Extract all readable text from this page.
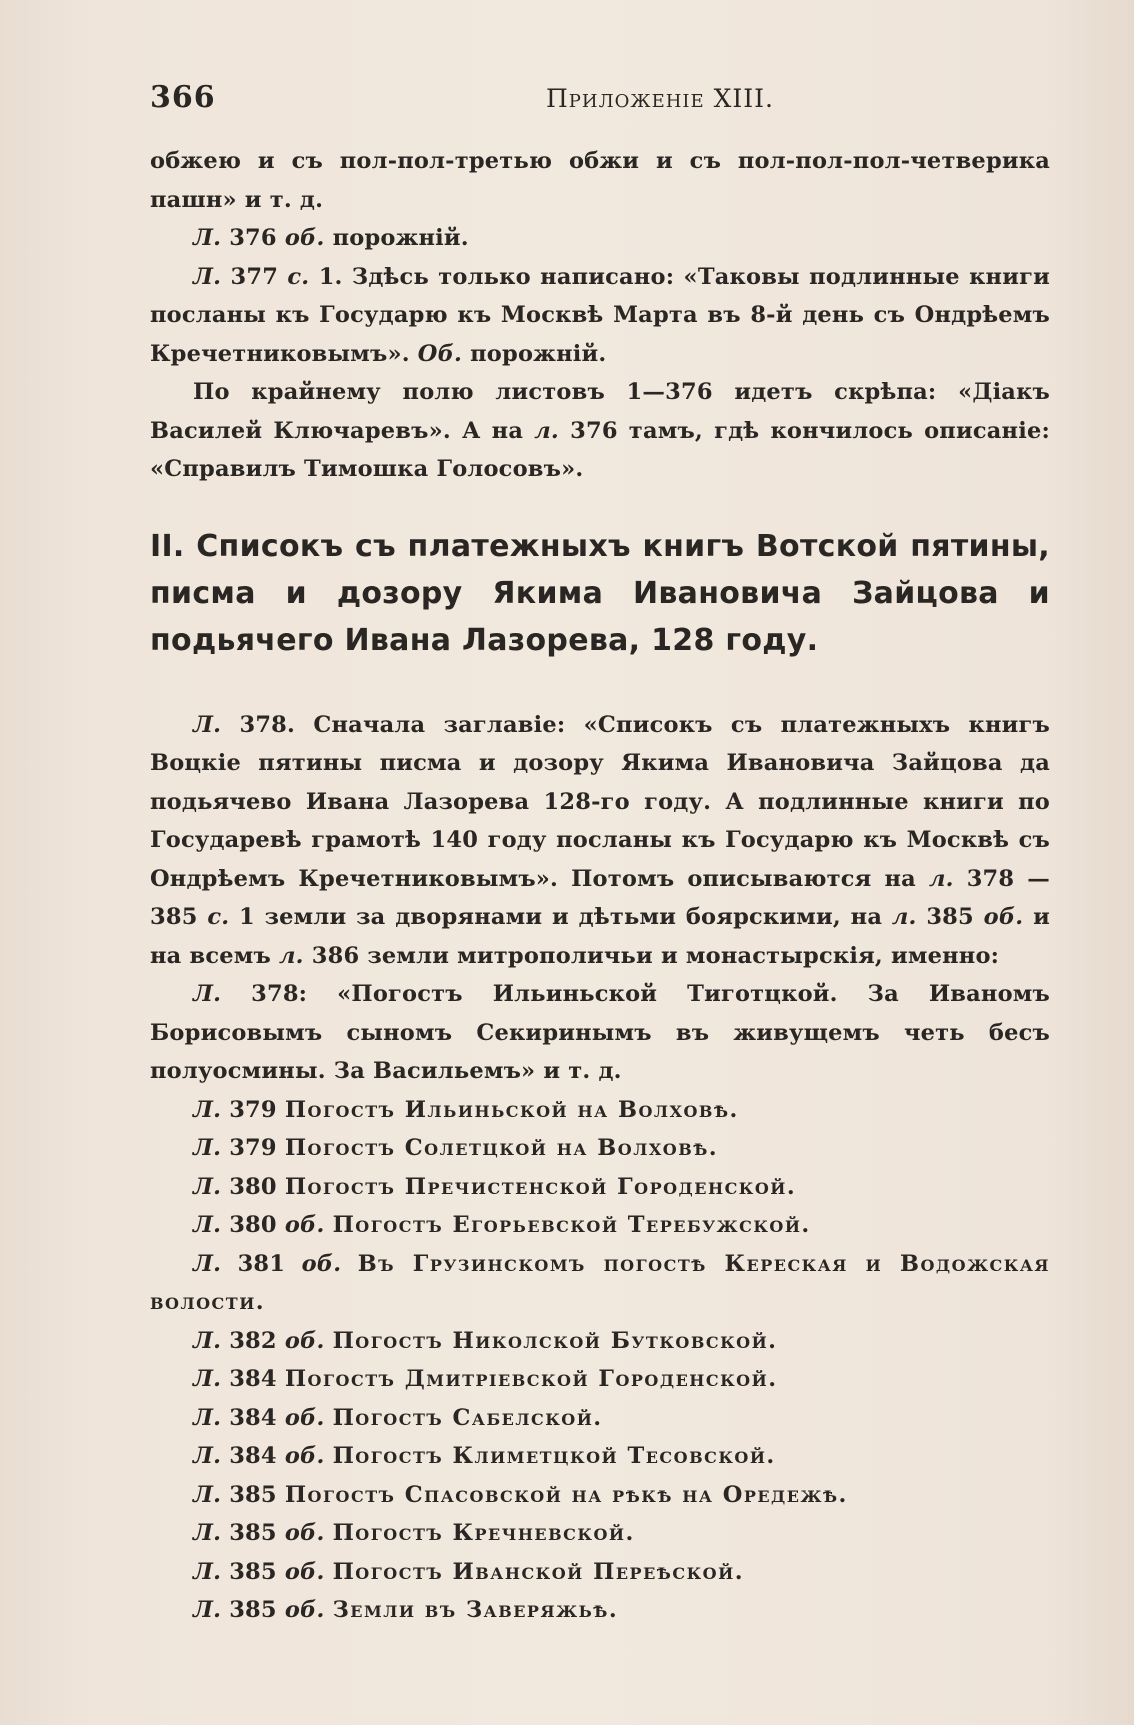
366	Приложеніе XIII.

обжею и съ пол-пол-третью обжи и съ пол-пол-пол-четверика пашн» и т. д.

Л. 376 об. порожній.

Л. 377 с. 1. Здѣсь только написано: «Таковы подлинные книги посланы къ Государю къ Москвѣ Марта въ 8-й день съ Ондрѣемъ Кречетниковымъ». Об. порожній.

По крайнему полю листовъ 1—376 идетъ скрѣпа: «Діакъ Василей Ключаревъ». А на л. 376 тамъ, гдѣ кончилось описаніе: «Справилъ Тимошка Голосовъ».

II. Списокъ съ платежныхъ книгъ Вотской пятины, писма и дозору Якима Ивановича Зайцова и подьячего Ивана Лазорева, 128 году.

Л. 378. Сначала заглавіе: «Списокъ съ платежныхъ книгъ Воцкіе пятины писма и дозору Якима Ивановича Зайцова да подьячево Ивана Лазорева 128-го году. А подлинные книги по Государевѣ грамотѣ 140 году посланы къ Государю къ Москвѣ съ Ондрѣемъ Кречетниковымъ». Потомъ описываются на л. 378 — 385 с. 1 земли за дворянами и дѣтьми боярскими, на л. 385 об. и на всемъ л. 386 земли митрополичьи и монастырскія, именно:

Л. 378: «Погостъ Ильиньской Тиготцкой. За Иваномъ Борисовымъ сыномъ Секиринымъ въ живущемъ четь бесъ полуосмины. За Васильемъ» и т. д.

Л. 379 Погостъ Ильиньской на Волховѣ.

Л. 379 Погостъ Солетцкой на Волховѣ.

Л. 380 Погостъ Пречистенской Городенской.

Л. 380 об. Погостъ Егорьевской Теребужской.

Л. 381 об. Въ Грузинскомъ погостѣ Кереская и Водожская волости.

Л. 382 об. Погостъ Николской Бутковской.

Л. 384 Погостъ Дмитріевской Городенской.

Л. 384 об. Погостъ Сабелской.

Л. 384 об. Погостъ Климетцкой Тесовской.

Л. 385 Погостъ Спасовской на рѣкѣ на Оредежѣ.

Л. 385 об. Погостъ Кречневской.

Л. 385 об. Погостъ Иванской Переѣской.

Л. 385 об. Земли въ Заверяжьѣ.
